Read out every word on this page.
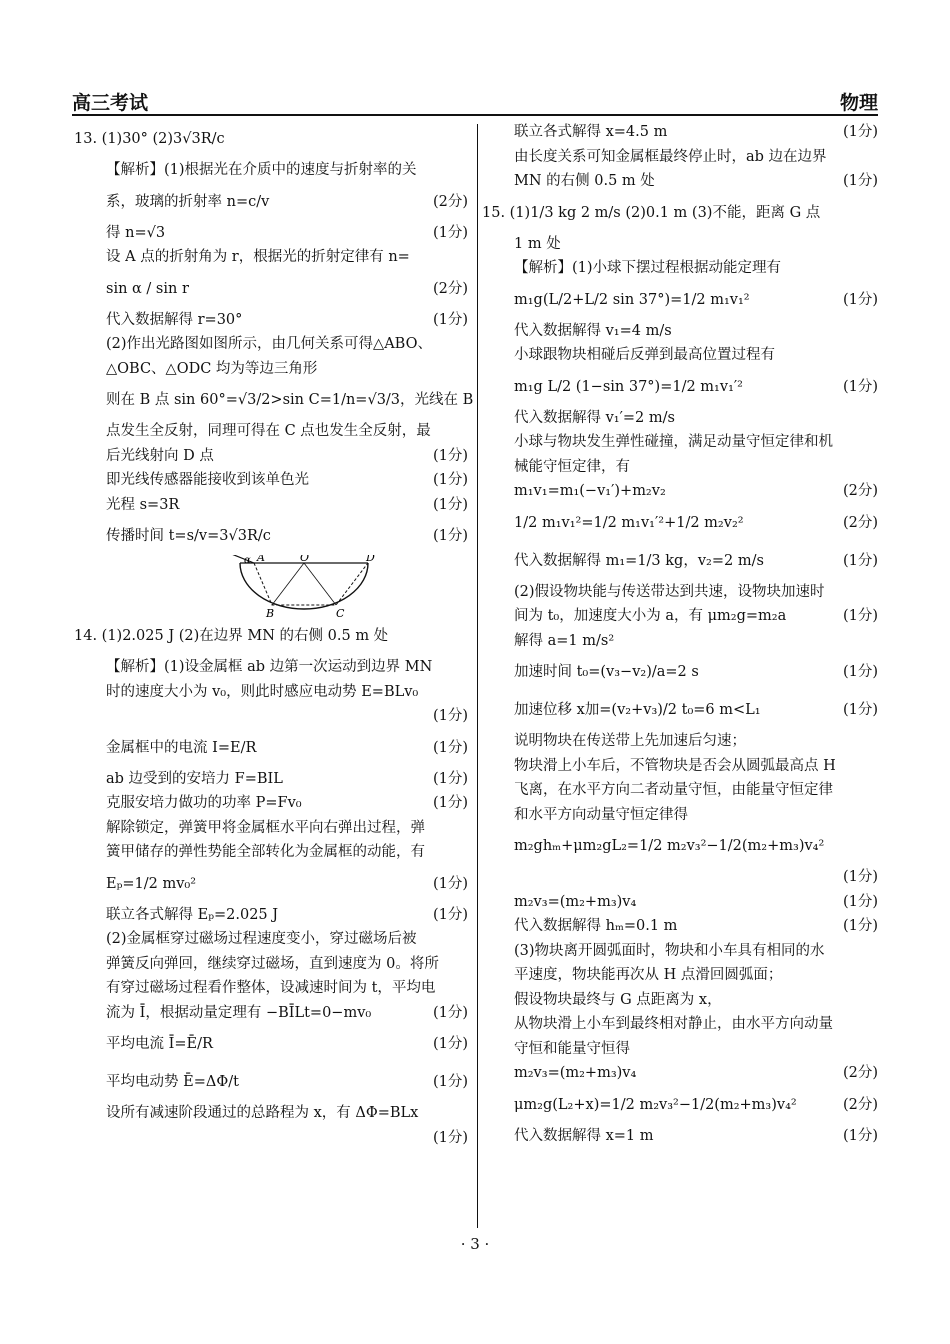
高三考试	物理
13. (1)30° (2)3√3R/c
【解析】(1)根据光在介质中的速度与折射率的关
系，玻璃的折射率 n=c/v	(2分)
得 n=√3	(1分)
设 A 点的折射角为 r，根据光的折射定律有 n=
sin α / sin r	(2分)
代入数据解得 r=30°	(1分)
(2)作出光路图如图所示，由几何关系可得△ABO、
△OBC、△ODC 均为等边三角形
则在 B 点 sin 60°=√3/2>sin C=1/n=√3/3，光线在 B
点发生全反射，同理可得在 C 点也发生全反射，最
后光线射向 D 点	(1分)
即光线传感器能接收到该单色光	(1分)
光程 s=3R	(1分)
传播时间 t=s/v=3√3R/c	(1分)
α A	O	D
B	C
14. (1)2.025 J (2)在边界 MN 的右侧 0.5 m 处
【解析】(1)设金属框 ab 边第一次运动到边界 MN
时的速度大小为 v₀，则此时感应电动势 E=BLv₀
(1分)
金属框中的电流 I=E/R	(1分)
ab 边受到的安培力 F=BIL	(1分)
克服安培力做功的功率 P=Fv₀	(1分)
解除锁定，弹簧甲将金属框水平向右弹出过程，弹
簧甲储存的弹性势能全部转化为金属框的动能，有
Eₚ=1/2 mv₀²	(1分)
联立各式解得 Eₚ=2.025 J	(1分)
(2)金属框穿过磁场过程速度变小，穿过磁场后被
弹簧反向弹回，继续穿过磁场，直到速度为 0。将所
有穿过磁场过程看作整体，设减速时间为 t，平均电
流为 Ī，根据动量定理有 −BĪLt=0−mv₀	(1分)
平均电流 Ī=Ē/R	(1分)
平均电动势 Ē=ΔΦ/t	(1分)
设所有减速阶段通过的总路程为 x，有 ΔΦ=BLx
(1分)
联立各式解得 x=4.5 m	(1分)
由长度关系可知金属框最终停止时，ab 边在边界
MN 的右侧 0.5 m 处	(1分)
15. (1)1/3 kg 2 m/s (2)0.1 m (3)不能，距离 G 点
1 m 处
【解析】(1)小球下摆过程根据动能定理有
m₁g(L/2+L/2 sin 37°)=1/2 m₁v₁²	(1分)
代入数据解得 v₁=4 m/s
小球跟物块相碰后反弹到最高位置过程有
m₁g L/2 (1−sin 37°)=1/2 m₁v₁′²	(1分)
代入数据解得 v₁′=2 m/s
小球与物块发生弹性碰撞，满足动量守恒定律和机
械能守恒定律，有
m₁v₁=m₁(−v₁′)+m₂v₂	(2分)
1/2 m₁v₁²=1/2 m₁v₁′²+1/2 m₂v₂²	(2分)
代入数据解得 m₁=1/3 kg，v₂=2 m/s	(1分)
(2)假设物块能与传送带达到共速，设物块加速时
间为 t₀，加速度大小为 a，有 μm₂g=m₂a	(1分)
解得 a=1 m/s²
加速时间 t₀=(v₃−v₂)/a=2 s	(1分)
加速位移 x加=(v₂+v₃)/2 t₀=6 m<L₁	(1分)
说明物块在传送带上先加速后匀速；
物块滑上小车后，不管物块是否会从圆弧最高点 H
飞离，在水平方向二者动量守恒，由能量守恒定律
和水平方向动量守恒定律得
m₂ghₘ+μm₂gL₂=1/2 m₂v₃²−1/2(m₂+m₃)v₄²
(1分)
m₂v₃=(m₂+m₃)v₄	(1分)
代入数据解得 hₘ=0.1 m	(1分)
(3)物块离开圆弧面时，物块和小车具有相同的水
平速度，物块能再次从 H 点滑回圆弧面；
假设物块最终与 G 点距离为 x，
从物块滑上小车到最终相对静止，由水平方向动量
守恒和能量守恒得
m₂v₃=(m₂+m₃)v₄	(2分)
μm₂g(L₂+x)=1/2 m₂v₃²−1/2(m₂+m₃)v₄²	(2分)
代入数据解得 x=1 m	(1分)
· 3 ·
